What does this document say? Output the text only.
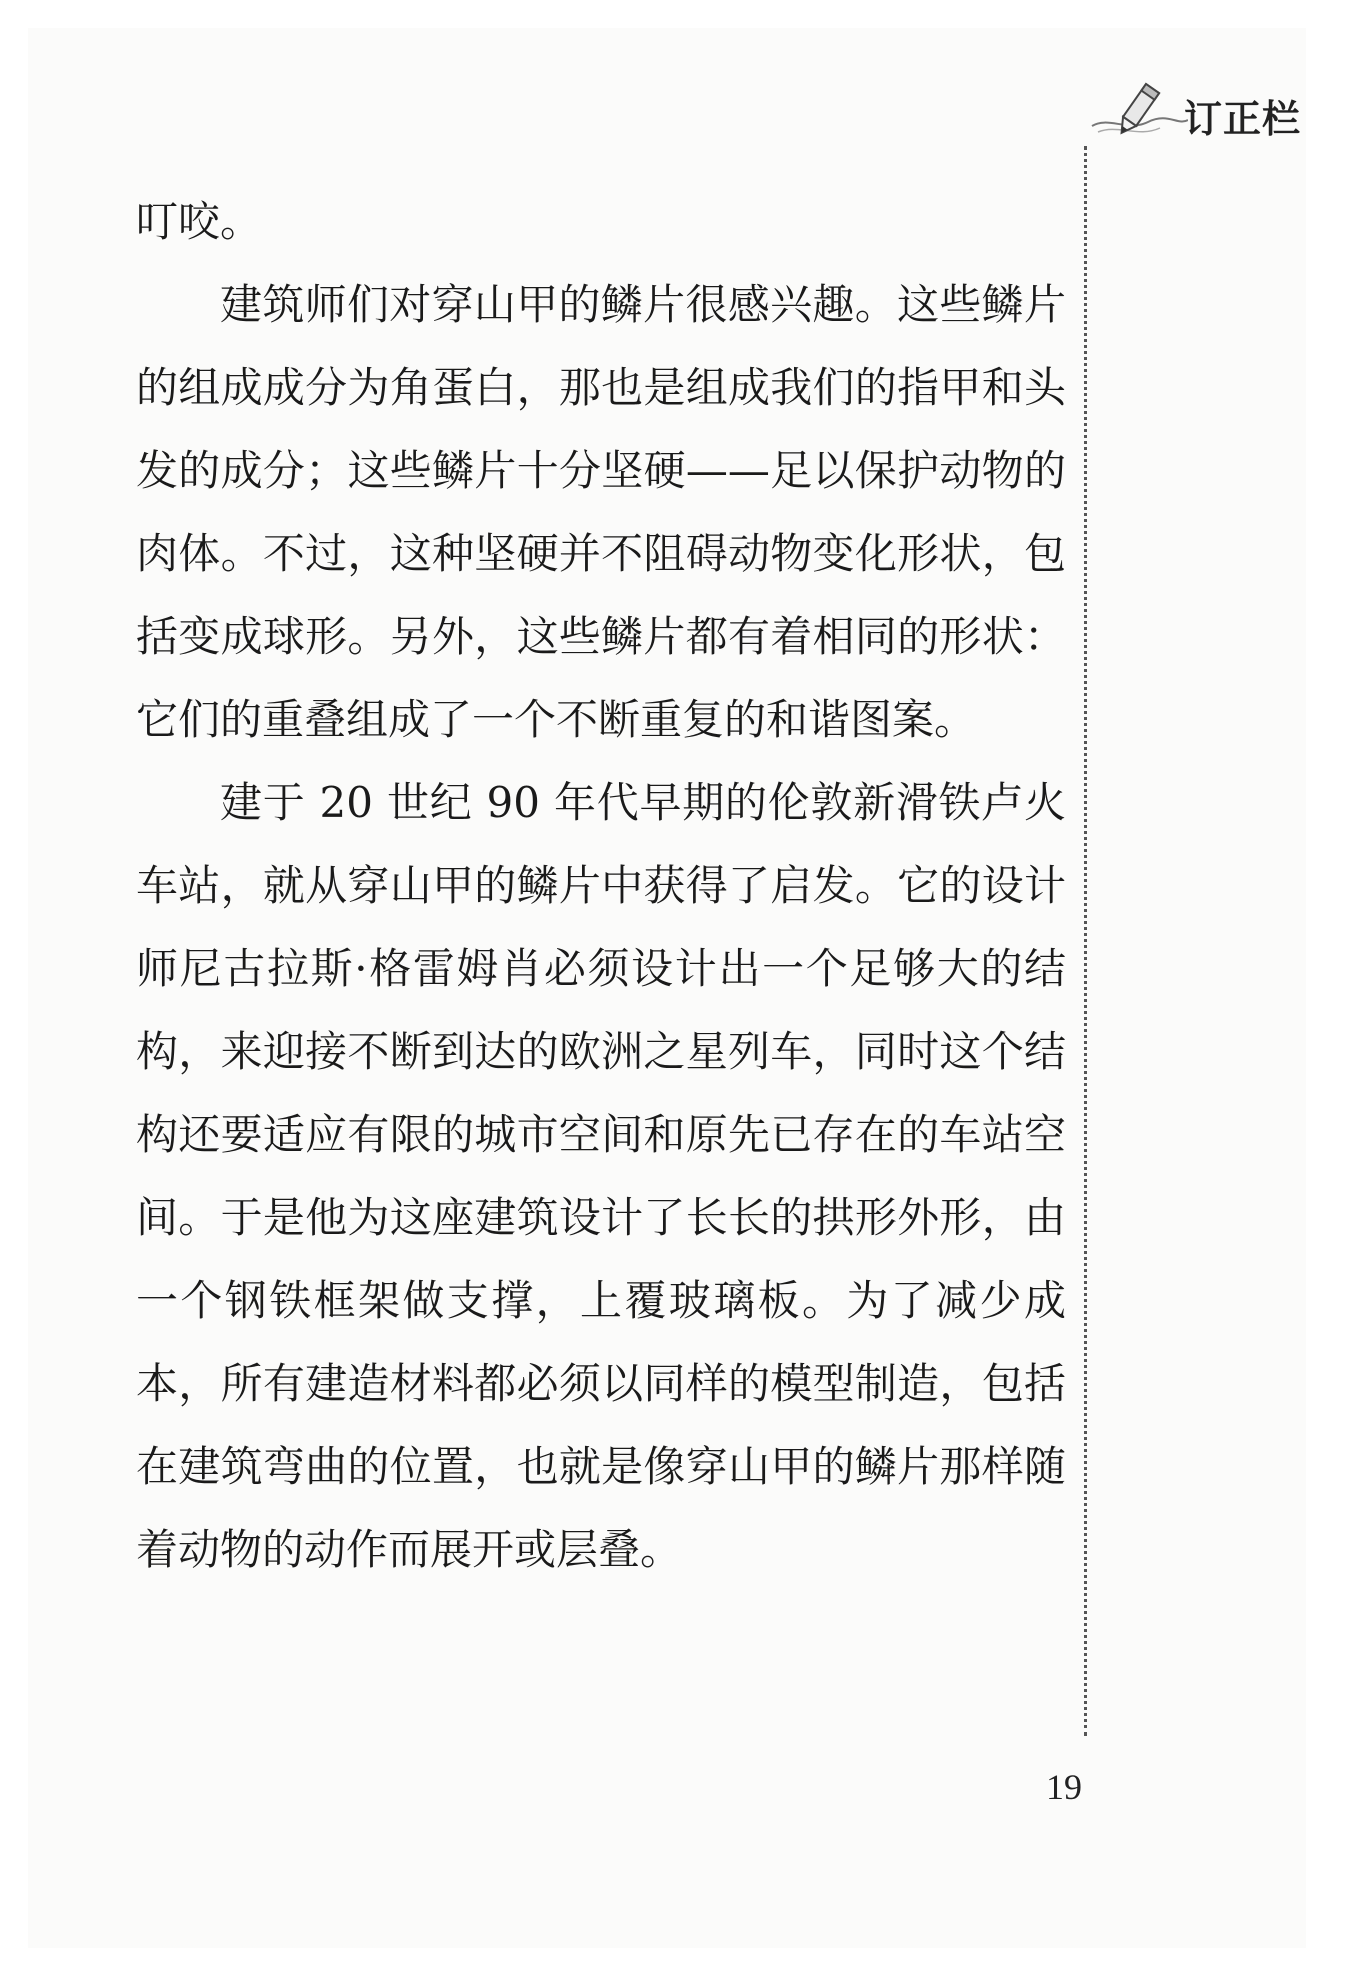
订正栏

叮咬。

建筑师们对穿山甲的鳞片很感兴趣。这些鳞片的组成成分为角蛋白，那也是组成我们的指甲和头发的成分；这些鳞片十分坚硬——足以保护动物的肉体。不过，这种坚硬并不阻碍动物变化形状，包括变成球形。另外，这些鳞片都有着相同的形状：它们的重叠组成了一个不断重复的和谐图案。

建于 20 世纪 90 年代早期的伦敦新滑铁卢火车站，就从穿山甲的鳞片中获得了启发。它的设计师尼古拉斯·格雷姆肖必须设计出一个足够大的结构，来迎接不断到达的欧洲之星列车，同时这个结构还要适应有限的城市空间和原先已存在的车站空间。于是他为这座建筑设计了长长的拱形外形，由一个钢铁框架做支撑，上覆玻璃板。为了减少成本，所有建造材料都必须以同样的模型制造，包括在建筑弯曲的位置，也就是像穿山甲的鳞片那样随着动物的动作而展开或层叠。

19
